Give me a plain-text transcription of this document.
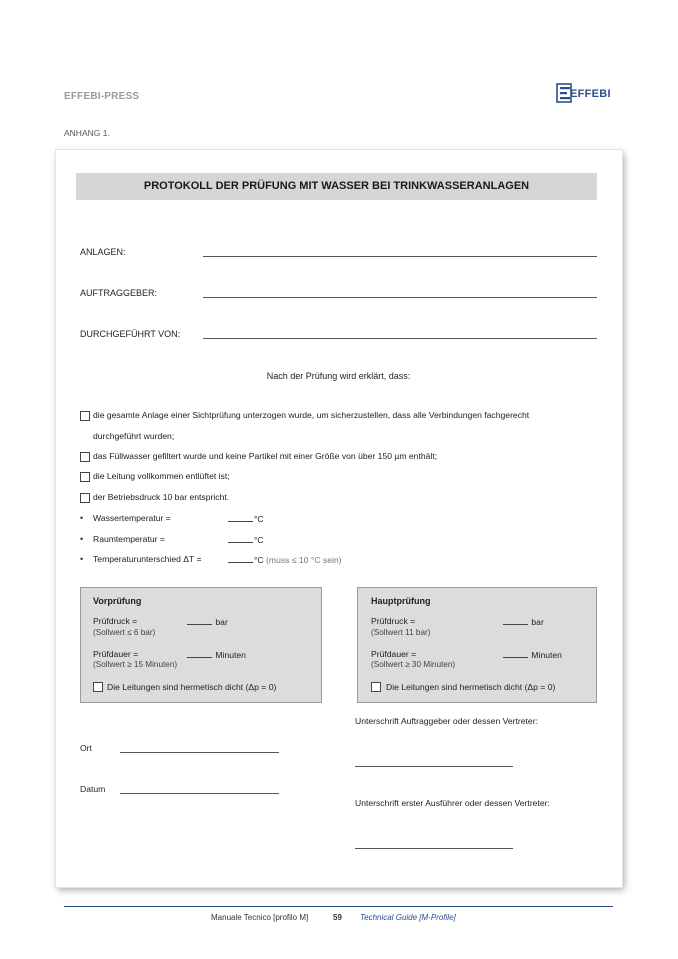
EFFEBI-PRESS	EFFEBI
ANHANG 1.
PROTOKOLL DER PRÜFUNG MIT WASSER BEI TRINKWASSERANLAGEN
ANLAGEN:
AUFTRAGGEBER:
DURCHGEFÜHRT VON:
Nach der Prüfung wird erklärt, dass:
die gesamte Anlage einer Sichtprüfung unterzogen wurde, um sicherzustellen, dass alle Verbindungen fachgerecht
durchgeführt wurden;
das Füllwasser gefiltert wurde und keine Partikel mit einer Größe von über 150 µm enthält;
die Leitung vollkommen entlüftet ist;
der Betriebsdruck 10 bar entspricht.
• Wassertemperatur =	°C
• Raumtemperatur =	°C
• Temperaturunterschied ΔT =	°C (muss ≤ 10 °C sein)
Vorprüfung
Prüfdruck =	bar
(Sollwert ≤ 6 bar)
Prüfdauer =	Minuten
(Sollwert ≥ 15 Minuten)
Die Leitungen sind hermetisch dicht (Δp = 0)
Hauptprüfung
Prüfdruck =	bar
(Sollwert 11 bar)
Prüfdauer =	Minuten
(Sollwert ≥ 30 Minuten)
Die Leitungen sind hermetisch dicht (Δp = 0)
Ort
Datum
Unterschrift Auftraggeber oder dessen Vertreter:
Unterschrift erster Ausführer oder dessen Vertreter:
Manuale Tecnico [profilo M]	59 Technical Guide [M-Profile]
